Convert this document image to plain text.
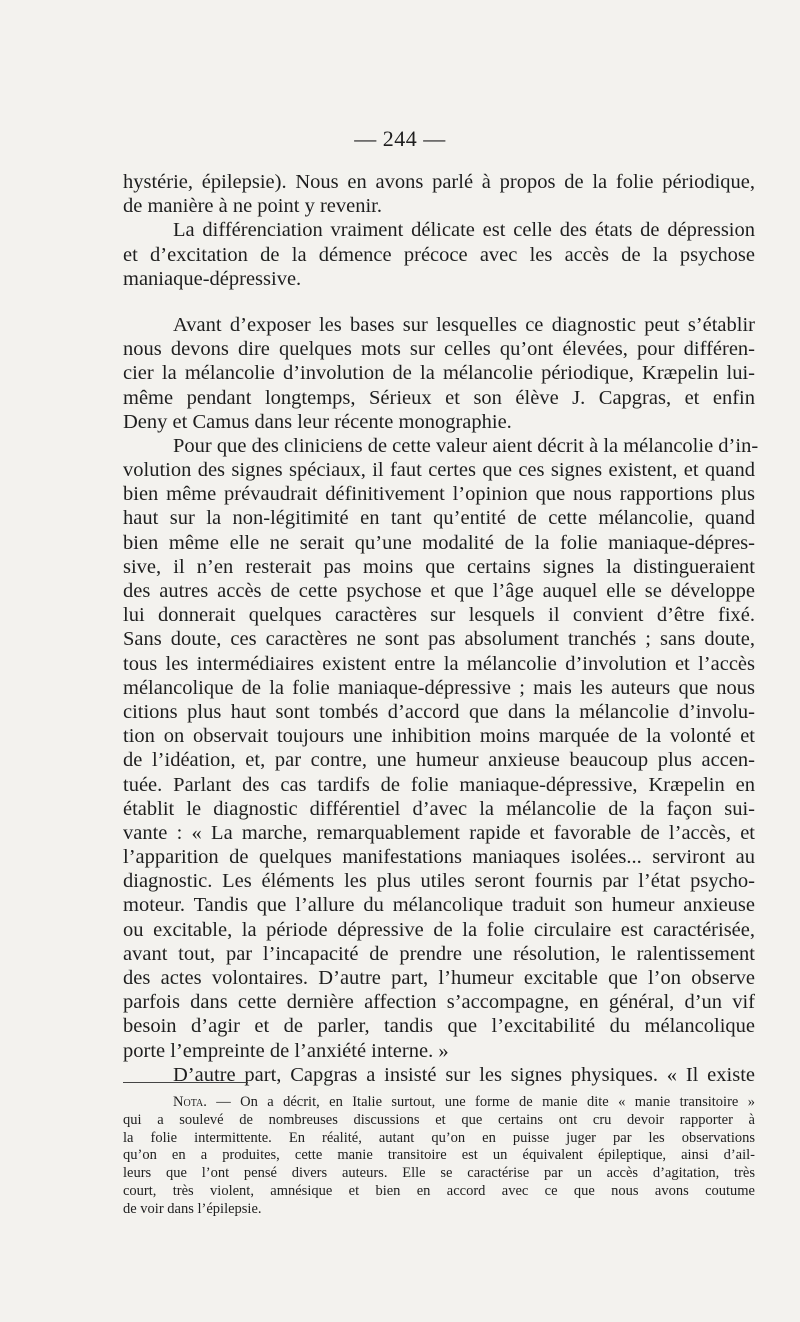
— 244 —
hystérie, épilepsie). Nous en avons parlé à propos de la folie périodique,
de manière à ne point y revenir.
La différenciation vraiment délicate est celle des états de dépression
et d’excitation de la démence précoce avec les accès de la psychose
maniaque-dépressive.
Avant d’exposer les bases sur lesquelles ce diagnostic peut s’établir
nous devons dire quelques mots sur celles qu’ont élevées, pour différen-
cier la mélancolie d’involution de la mélancolie périodique, Kræpelin lui-
même pendant longtemps, Sérieux et son élève J. Capgras, et enfin
Deny et Camus dans leur récente monographie.
Pour que des cliniciens de cette valeur aient décrit à la mélancolie d’in-
volution des signes spéciaux, il faut certes que ces signes existent, et quand
bien même prévaudrait définitivement l’opinion que nous rapportions plus
haut sur la non-légitimité en tant qu’entité de cette mélancolie, quand
bien même elle ne serait qu’une modalité de la folie maniaque-dépres-
sive, il n’en resterait pas moins que certains signes la distingueraient
des autres accès de cette psychose et que l’âge auquel elle se développe
lui donnerait quelques caractères sur lesquels il convient d’être fixé.
Sans doute, ces caractères ne sont pas absolument tranchés ; sans doute,
tous les intermédiaires existent entre la mélancolie d’involution et l’accès
mélancolique de la folie maniaque-dépressive ; mais les auteurs que nous
citions plus haut sont tombés d’accord que dans la mélancolie d’involu-
tion on observait toujours une inhibition moins marquée de la volonté et
de l’idéation, et, par contre, une humeur anxieuse beaucoup plus accen-
tuée. Parlant des cas tardifs de folie maniaque-dépressive, Kræpelin en
établit le diagnostic différentiel d’avec la mélancolie de la façon sui-
vante : « La marche, remarquablement rapide et favorable de l’accès, et
l’apparition de quelques manifestations maniaques isolées... serviront au
diagnostic. Les éléments les plus utiles seront fournis par l’état psycho-
moteur. Tandis que l’allure du mélancolique traduit son humeur anxieuse
ou excitable, la période dépressive de la folie circulaire est caractérisée,
avant tout, par l’incapacité de prendre une résolution, le ralentissement
des actes volontaires. D’autre part, l’humeur excitable que l’on observe
parfois dans cette dernière affection s’accompagne, en général, d’un vif
besoin d’agir et de parler, tandis que l’excitabilité du mélancolique
porte l’empreinte de l’anxiété interne. »
D’autre part, Capgras a insisté sur les signes physiques. « Il existe
Nota. — On a décrit, en Italie surtout, une forme de manie dite « manie transitoire »
qui a soulevé de nombreuses discussions et que certains ont cru devoir rapporter à
la folie intermittente. En réalité, autant qu’on en puisse juger par les observations
qu’on en a produites, cette manie transitoire est un équivalent épileptique, ainsi d’ail-
leurs que l’ont pensé divers auteurs. Elle se caractérise par un accès d’agitation, très
court, très violent, amnésique et bien en accord avec ce que nous avons coutume
de voir dans l’épilepsie.
